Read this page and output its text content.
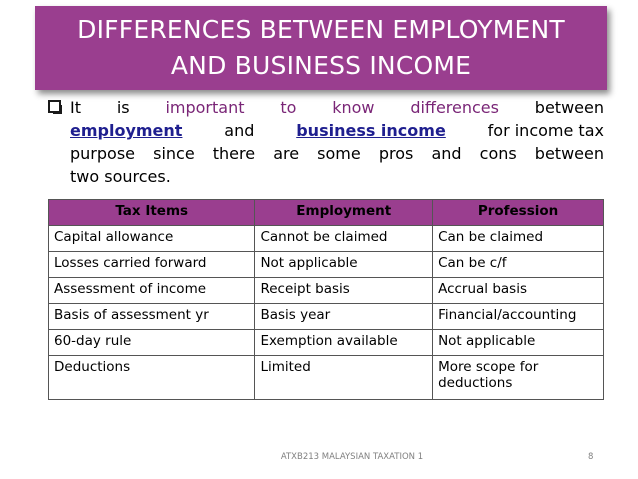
DIFFERENCES BETWEEN EMPLOYMENT
AND BUSINESS INCOME
It is important to know differences between
employment	and	business income	for income tax
purpose since there are some pros and cons between
two sources.
Tax Items	Employment	Profession
Capital allowance	Cannot be claimed	Can be claimed
Losses carried forward	Not applicable	Can be c/f
Assessment of income	Receipt basis	Accrual basis
Basis of assessment yr	Basis year	Financial/accounting
60-day rule	Exemption available	Not applicable
Deductions	Limited	More scope for deductions
ATXB213 MALAYSIAN TAXATION 1	8
